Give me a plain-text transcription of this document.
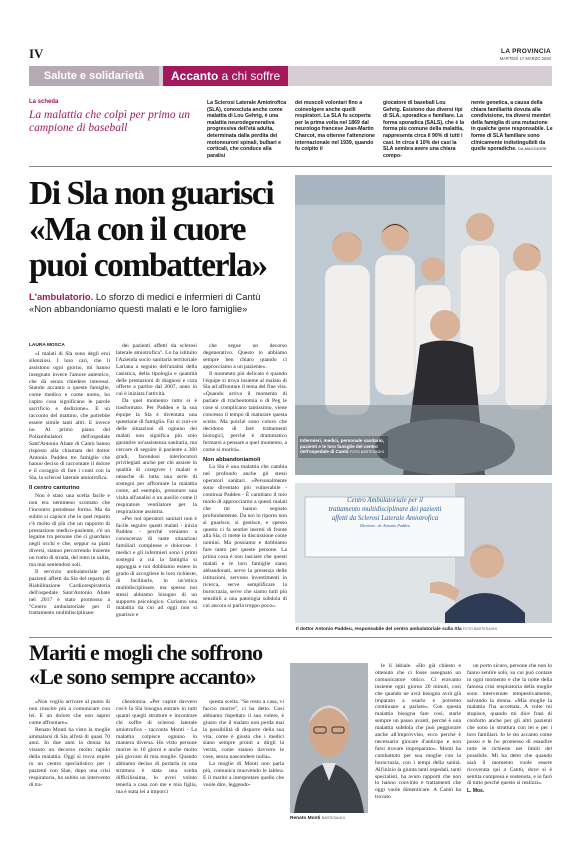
IV	LA PROVINCIA
MARTEDÌ 17 MARZO 2020
Salute e solidarietà	Accanto a chi soffre
La scheda
La malattia che colpì per primo un campione di baseball
La Sclerosi Laterale Amiotrofica (SLA), conosciuta anche come malattia di Lou Gehrig, è una malattia neurodegenerativa progressiva dell'età adulta, determinata dalla perdita dei motoneuroni spinali, bulbari e corticali, che conduce alla paralisi
dei muscoli volontari fino a coinvolgere anche quelli respiratori. La SLA fu scoperta per la prima volta nel 1869 dal neurologo francese Jean-Martin Charcot, ma ottenne l'attenzione internazionale nel 1939, quando fu colpito il
giocatore di baseball Lou Gehrig. Esistono due diversi tipi di SLA, sporadica e familiare. La forma sporadica (SALS), che è la forma più comune della malattia, rappresenta circa il 90% di tutti i casi. In circa il 10% dei casi la SLA sembra avere una chiara compo-
nente genetica, a causa della chiara familiarità dovuta alla condivisione, tra diversi membri della famiglia di una mutazione in qualche gene responsabile. Le forme di SLA familiare sono clinicamente indistinguibili da quelle sporadiche. DA.MAGGIORE
Di Sla non guarisci
«Ma con il cuore
puoi combatterla»
L'ambulatorio. Lo sforzo di medici e infermieri di Cantù
«Non abbandoniamo questi malati e le loro famiglie»
LAURA MOSCA

«I malati di Sla sono degli eroi silenziosi. I loro cari, che li assistono ogni giorno, mi hanno insegnato invece l'amore autentico, che dà senza chiedere interessi. Stando accanto a queste famiglie, come medico e come uomo, ho capito cosa significano le parole sacrificio e dedizione». E un racconto del mattino, che potrebbe essere simile tanti altri. E invece no. Al primo piano del Poliambulatori dell'ospedale Sant'Antonio Abate di Cantù hanno risposto alla chiamata del dottor Antonio Paddeu tre famiglie che hanno deciso di raccontare il dolore e il coraggio di fare i conti con la Sla, la sclerosi laterale amiotrofica.

Il centro canturino

Non è stato una scelta facile e non era nemmeno scontato che l'incontro prendesse forma. Ma da subito si capisce che in quel reparto c'è molto di più che un rapporto di prestazione medico-paziente, c'è un legame tra persone che ci guardano negli occhi e che, seppur su piani diversi, stanno percorrendo insieme un tratto di strada, del tutto in salita, ma mai sentendosi soli.

Il servizio ambulatoriale per pazienti affetti da Sla del reparto di Riabilitazione Cardiorespiratoria dell'ospedale Sant'Antonio Abate nel 2017 è stato promosso a "Centro ambulatoriale per il trattamento multidisciplinare

dei pazienti affetti da sclerosi laterale amiotrofica". Lo ha istituito l'Azienda socio sanitaria territoriale Lariana a seguito dell'analisi della casistica, della tipologia e quantità delle prestazioni di diagnosi e cura offerte a partire dal 2007, anno in cui è iniziata l'attività.

Da quel momento tutto si è trasformato. Per Paddeu e la sua équipe la Sla è diventata una questione di famiglia. Far sì curi-ce delle situazioni di ognuno dei malati non significa più solo garantire un'assistenza sanitaria, ma cercare di seguire il paziente a 360 gradi, facendosi interlocutori privilegiati anche per chi assiste in qualità di caregiver i malati e neanche di tutta una serie di sostegni per affrontare la malattia come, ad esempio, prenotare una visita all'analisi o un ausilio come il respiratore ventilatore per la respirazione assistita.

«Per noi operatori sanitari non è facile seguire questi malati - inizia Paddeu - perché veniamo a conoscenza di tante situazioni familiari complesse e dolorose. I medici e gli infermieri sono i primi sostegni a cui la famiglia si appoggia e noi dobbiamo essere in grado di accogliere le loro richieste, di facilitarle, in un'ottica multidisciplinare, ma spesso noi stessi abbiamo bisogno di un supporto psicologico. Curiamo una malattia da cui ad oggi non si guarisce e

che segue un decorso degenerativo. Questo lo abbiamo sempre ben chiaro quando ci approcciamo a un paziente».

Il momento più delicato è quando l'équipe si trova insieme al malato di Sla ad affrontare il tema del fine vita. «Quando arriva il momento di parlare di tracheotomia o di Peg le cose si complicano tantissimo, viene concesso il tempo di maturare questa scelta. Ma poichè sono coloro che decidono di fare trattamenti biologici, perché è drammatico fermarsi a pensare a quel momento, a come si morirà».

Non abbandoniamoli

La Sla è una malattia che cambia nel profondo anche gli stessi operatori sanitari. «Personalmente sono diventato più vulnerabile - continua Paddeu - È cambiato il mio modo di approcciarmi a questi malati che mi hanno segnato profondamente. Da noi lo riporto non si guarisce, si gestisce, e spesso questo ci fa sentire inermi di fronte alla Sla, ci mette in discussione come uomini. Ma possiamo e dobbiamo fare tanto per queste persone. La prima cosa è non lasciare che questi malati e le loro famiglie siano abbandonati, serve la presenza delle istituzioni, servono investimenti in ricerca, serve semplificare la burocrazia, serve che siamo tutti più sensibili a una patologia subdola di cui ancora si parla troppo poco».

Infermieri, medici, personale sanitario, pazienti e le loro famiglie del centro dell'ospedale di Cantù FOTO BARTESAGHI
Centro Ambulatoriale per il
trattamento multidisciplinare dei pazienti
affetti da Sclerosi Laterale Amiotrofica
Direttore: dr. Antonio Paddeu
Il dottor Antonio Paddeu, responsabile del centro ambulatoriale sulla Sla FOTO BARTESAGHI
Mariti e mogli che soffrono
«Le sono sempre accanto»

«Non voglio arrivare al punto di non riuscire più a comunicare con lei. E un dolore che non saprei come affrontare».

Renato Monti ha visto la moglie ammalarsi di Sla all'età di quasi 70 anni. In due anni la donna ha vissuto un decorso molto rapido della malattia. Oggi si trova ospite in un centro specialistico per i pazienti con Slae, dopo una crisi respiratoria, ha subito un intervento di tra-

cheotomia. «Per capire davvero cos'è la Sla bisogna entrare in tutti quanti quegli strutture e incontrare chi soffre di sclerosi laterale amiotrofica - racconta Monti - La malattia colpisce ognuno in maniera diversa. Ho visto persone morire in 10 giorni e anche molto più giovani di mia moglie. Quando abbiamo deciso di portarla in una struttura è stata una scelta difficilissima, lo avrei voluto tenerla a casa con me e mia figlia, ma è stata lei a imporci

questa scelta. "Se resto a casa, vi faccio morire", ci ha detto. Così abbiamo rispettato il suo volere, è giusto che il malato non perda mai la possibilità di disporre della sua vita, come è giusto che i medici siano sempre pronti a dirgli la verità, come stanno davvero le cose, senza nascondere nulla».

La moglie di Monti non parla più, comunica muovendo le labbra. E il marito a interpretare quello che vuole dire, leggendo-

Renato Monti BARTESAGHI

le il labiale. «Ho già chiesto e ottenuto che ci fosse assegnato un comunicatore ottico. Ci eravamo insieme ogni giorno 20 minuti, così che quando ne avrà bisogno avrà già imparato a usarlo e potremo continuare a parlare». Con questa malattia bisogna fare così, starle sempre un passo avanti, perché è una malattia subdola che può peggiorare anche all'improvviso, ecco perché è necessario giocare d'anticipo e non farsi trovare impreparato». Monti ha combattuto per sua moglie con la burocrazia, con i tempi della sanità. All'inizio la giunta tanti ospedali, tanti specialisti, ha avuto rapporti che non lo hanno convinto e trattamenti che oggi vuole dimenticare. A Cantù ha trovato

un porto sicuro, persone che non lo fanno sentire solo, su cui può contare in ogni momento e che la notte della famosa crisi respiratoria della moglie sono intervenute tempestivamente, salvando la donna. «Mia moglie la malattia l'ha accettata. A volte mi stupisce, quando mi dice frasi di conforto anche per gli altri pazienti che sono in struttura con lei e per i loro familiari. Io le sto accanto come posso e le ho promesso di esaudire tutte le richieste nei limiti del possibile. Mi ha detto che quando sarà il momento vuole essere ricoverata qui a Cantù, dove sì è sentita compresa e sostenuta, e io farò di tutto perché questo si realizzi».

L. Mos.
